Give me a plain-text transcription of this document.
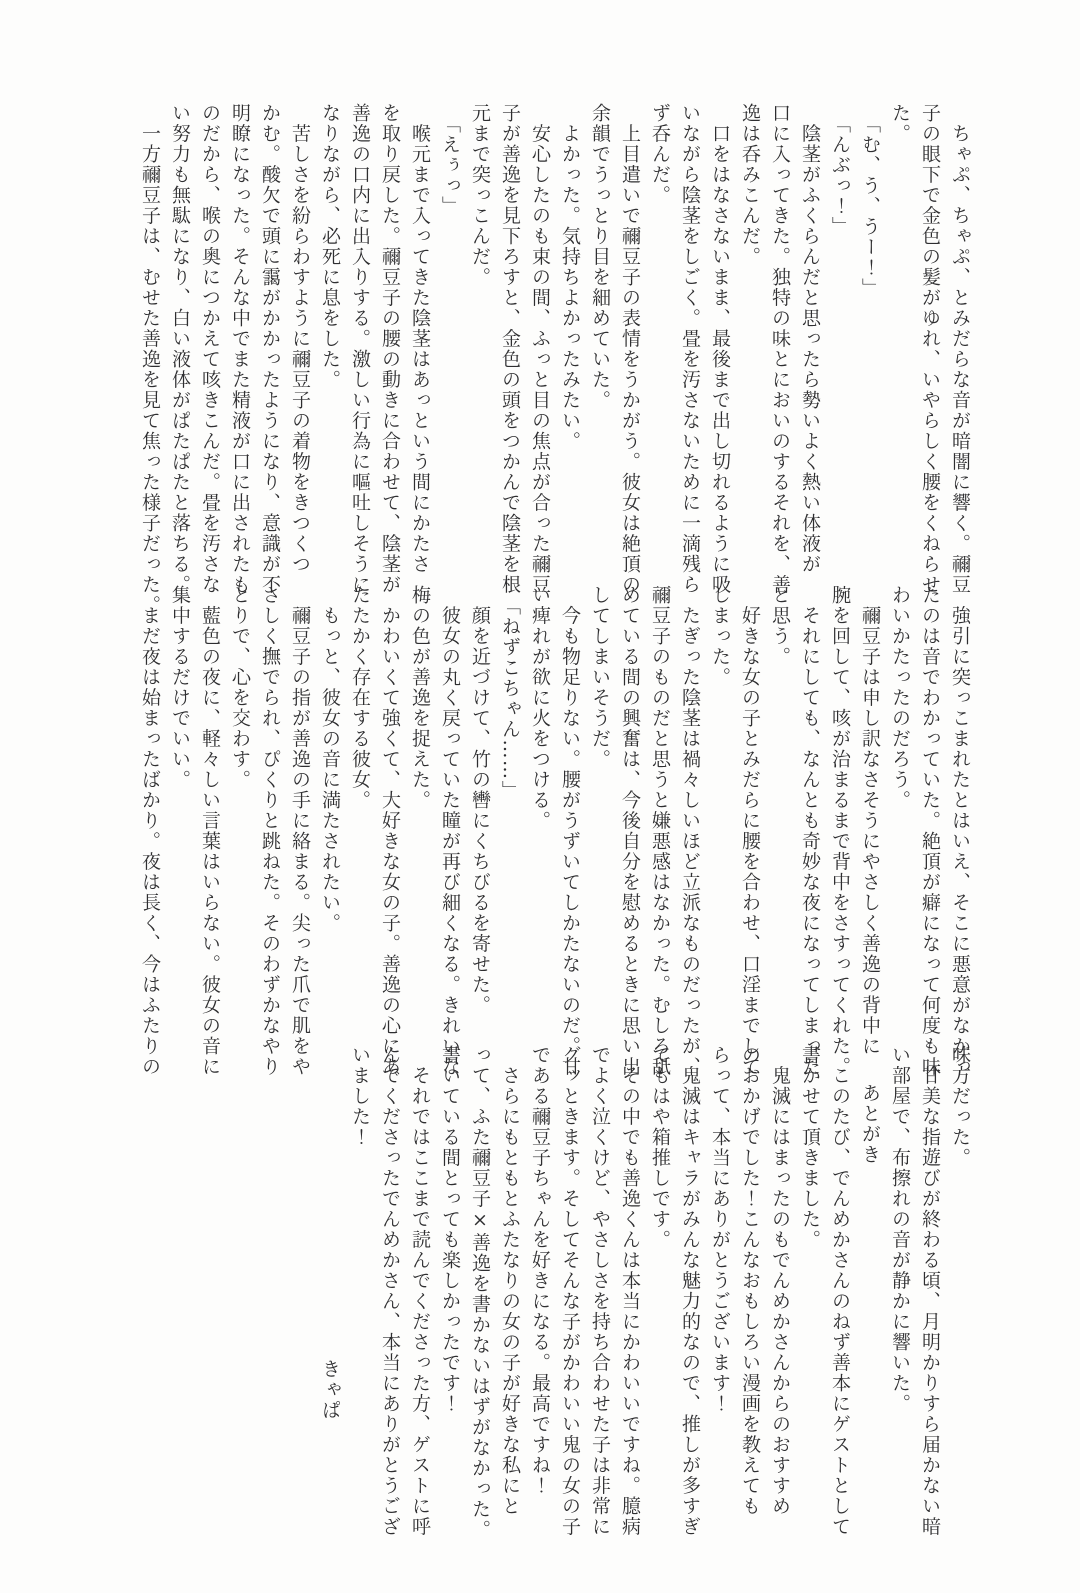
　ちゃぷ、ちゃぷ、とみだらな音が暗闇に響く。禰豆

子の眼下で金色の髪がゆれ、いやらしく腰をくねらせ

た。

　「む、う、うー！」

　「んぶっ！」

　陰茎がふくらんだと思ったら勢いよく熱い体液が

口に入ってきた。独特の味とにおいのするそれを、善

逸は呑みこんだ。

　口をはなさないまま、最後まで出し切れるように吸

いながら陰茎をしごく。畳を汚さないために一滴残ら

ず呑んだ。

　上目遣いで禰豆子の表情をうかがう。彼女は絶頂の

余韻でうっとり目を細めていた。

　よかった。気持ちよかったみたい。

　安心したのも束の間、ふっと目の焦点が合った禰豆

子が善逸を見下ろすと、金色の頭をつかんで陰茎を根

元まで突っこんだ。

　「えぅっ」

　喉元まで入ってきた陰茎はあっという間にかたさ

を取り戻した。禰豆子の腰の動きに合わせて、陰茎が

善逸の口内に出入りする。激しい行為に嘔吐しそうに

なりながら、必死に息をした。

　苦しさを紛らわすように禰豆子の着物をきつくつ

かむ。酸欠で頭に靄がかかったようになり、意識が不

明瞭になった。そんな中でまた精液が口に出されたも

のだから、喉の奥につかえて咳きこんだ。畳を汚さな

い努力も無駄になり、白い液体がぱたぱたと落ちる。

　一方禰豆子は、むせた善逸を見て焦った様子だった。

　強引に突っこまれたとはいえ、そこに悪意がなかっ

たのは音でわかっていた。絶頂が癖になって何度も味

わいかたったのだろう。

　禰豆子は申し訳なさそうにやさしく善逸の背中に

腕を回して、咳が治まるまで背中をさすってくれた。

　それにしても、なんとも奇妙な夜になってしまった

と思う。

　好きな女の子とみだらに腰を合わせ、口淫までして

しまった。

　たぎった陰茎は禍々しいほど立派なものだったが、

禰豆子のものだと思うと嫌悪感はなかった。むしろ舐

めている間の興奮は、今後自分を慰めるときに思い出

してしまいそうだ。

　今も物足りない。腰がうずいてしかたないのだ。甘

い痺れが欲に火をつける。

　「ねずこちゃん……」

　顔を近づけて、竹の轡にくちびるを寄せた。

　彼女の丸く戻っていた瞳が再び細くなる。きれいな

梅の色が善逸を捉えた。

　かわいくて強くて、大好きな女の子。善逸の心にあ

たたかく存在する彼女。

　もっと、彼女の音に満たされたい。

　禰豆子の指が善逸の手に絡まる。尖った爪で肌をや

さしく撫でられ、ぴくりと跳ねた。そのわずかなやり

とりで、心を交わす。

　藍色の夜に、軽々しい言葉はいらない。彼女の音に

集中するだけでいい。

　まだ夜は始まったばかり。夜は長く、今はふたりの

味方だった。

　甘美な指遊びが終わる頃、月明かりすら届かない暗

い部屋で、布擦れの音が静かに響いた。

あとがき

　このたび、でんめかさんのねず善本にゲストとして

書かせて頂きました。

　鬼滅にはまったのもでんめかさんからのおすすめ

のおかげでした！こんなおもしろい漫画を教えても

らって、本当にありがとうございます！

　鬼滅はキャラがみんな魅力的なので、推しが多すぎ

てもはや箱推しです。

　その中でも善逸くんは本当にかわいいですね。臆病

でよく泣くけど、やさしさを持ち合わせた子は非常に

グッときます。そしてそんな子がかわいい鬼の女の子

である禰豆子ちゃんを好きになる。最高ですね！

　さらにもともとふたなりの女の子が好きな私にと

って、ふた禰豆子×善逸を書かないはずがなかった。

書いている間とっても楽しかったです！

　それではここまで読んでくださった方、ゲストに呼

んでくださったでんめかさん、本当にありがとうござ

いました！

きゃぱ
